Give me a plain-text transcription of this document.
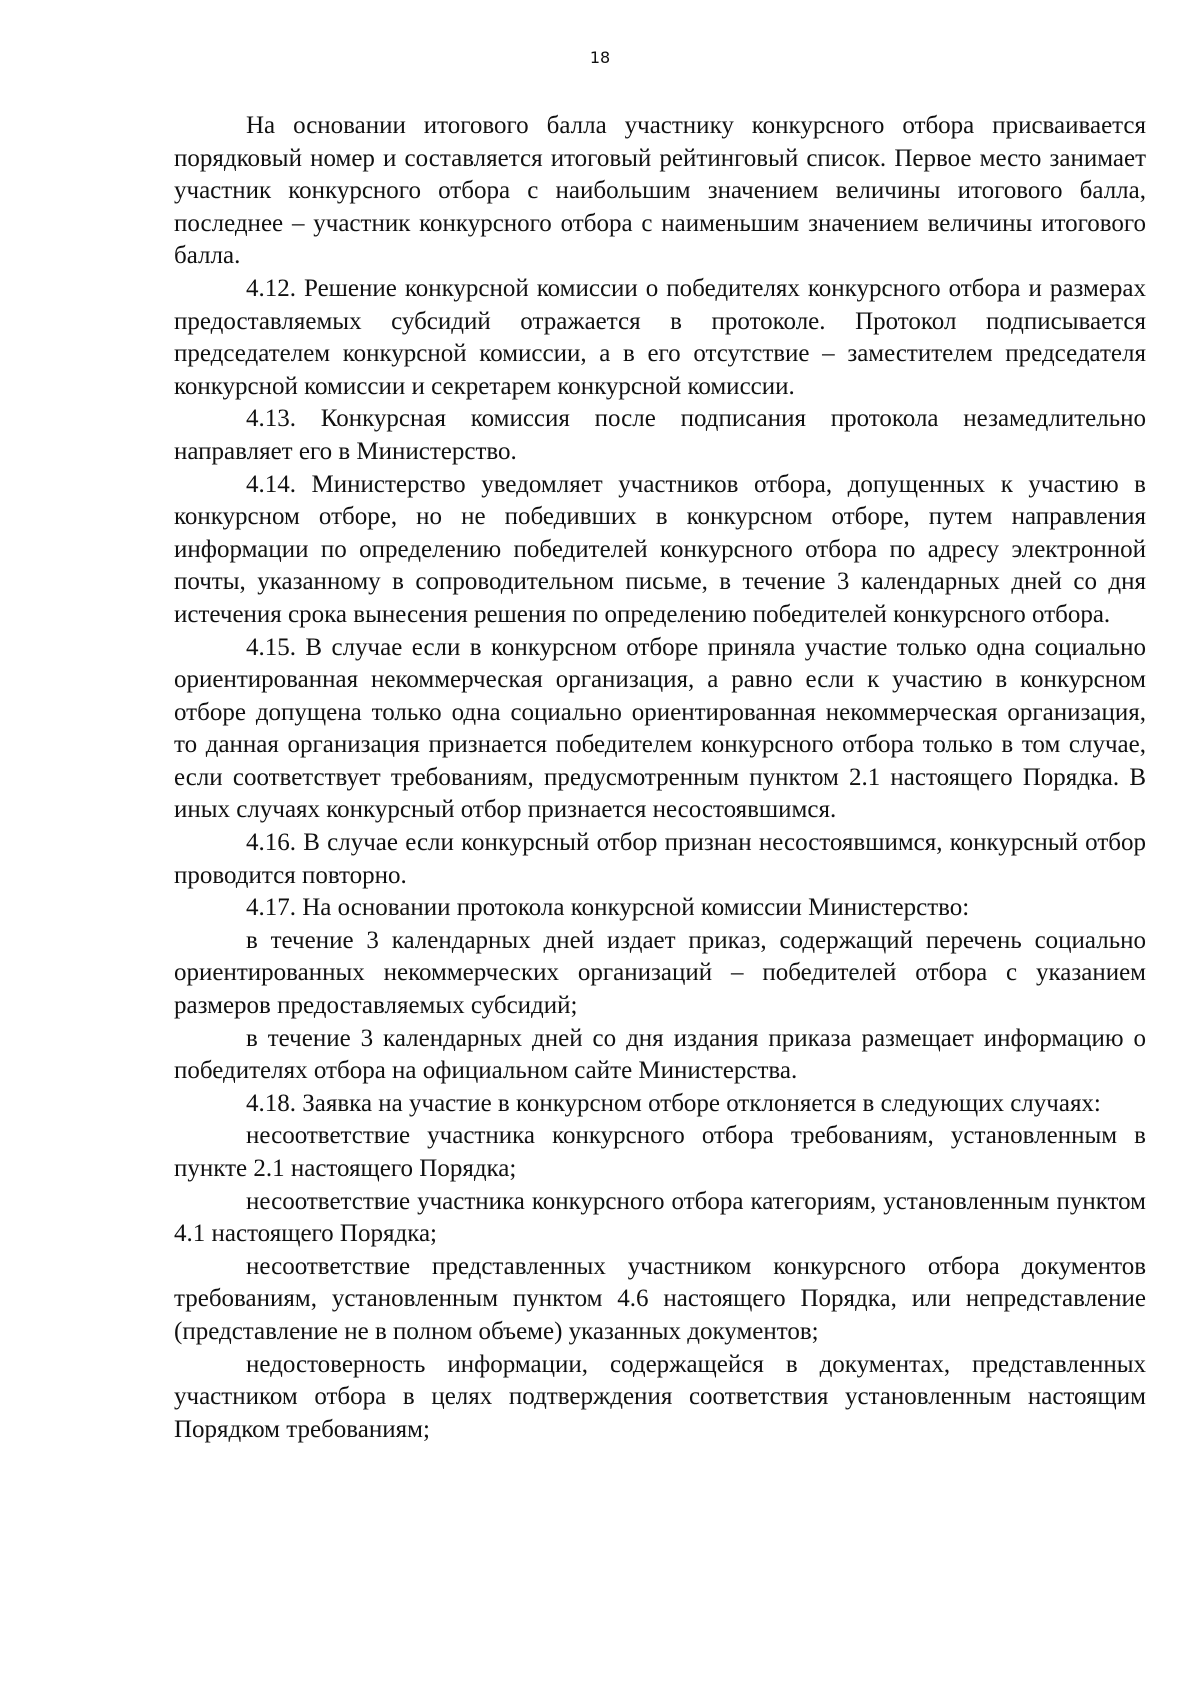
18

На основании итогового балла участнику конкурсного отбора присваивается порядковый номер и составляется итоговый рейтинговый список. Первое место занимает участник конкурсного отбора с наибольшим значением величины итогового балла, последнее – участник конкурсного отбора с наименьшим значением величины итогового балла.

4.12. Решение конкурсной комиссии о победителях конкурсного отбора и размерах предоставляемых субсидий отражается в протоколе. Протокол подписывается председателем конкурсной комиссии, а в его отсутствие – заместителем председателя конкурсной комиссии и секретарем конкурсной комиссии.

4.13. Конкурсная комиссия после подписания протокола незамедлительно направляет его в Министерство.

4.14. Министерство уведомляет участников отбора, допущенных к участию в конкурсном отборе, но не победивших в конкурсном отборе, путем направления информации по определению победителей конкурсного отбора по адресу электронной почты, указанному в сопроводительном письме, в течение 3 календарных дней со дня истечения срока вынесения решения по определению победителей конкурсного отбора.

4.15. В случае если в конкурсном отборе приняла участие только одна социально ориентированная некоммерческая организация, а равно если к участию в конкурсном отборе допущена только одна социально ориентированная некоммерческая организация, то данная организация признается победителем конкурсного отбора только в том случае, если соответствует требованиям, предусмотренным пунктом 2.1 настоящего Порядка. В иных случаях конкурсный отбор признается несостоявшимся.

4.16. В случае если конкурсный отбор признан несостоявшимся, конкурсный отбор проводится повторно.

4.17. На основании протокола конкурсной комиссии Министерство:

в течение 3 календарных дней издает приказ, содержащий перечень социально ориентированных некоммерческих организаций – победителей отбора с указанием размеров предоставляемых субсидий;

в течение 3 календарных дней со дня издания приказа размещает информацию о победителях отбора на официальном сайте Министерства.

4.18. Заявка на участие в конкурсном отборе отклоняется в следующих случаях:

несоответствие участника конкурсного отбора требованиям, установленным в пункте 2.1 настоящего Порядка;

несоответствие участника конкурсного отбора категориям, установленным пунктом 4.1 настоящего Порядка;

несоответствие представленных участником конкурсного отбора документов требованиям, установленным пунктом 4.6 настоящего Порядка, или непредставление (представление не в полном объеме) указанных документов;

недостоверность информации, содержащейся в документах, представленных участником отбора в целях подтверждения соответствия установленным настоящим Порядком требованиям;
